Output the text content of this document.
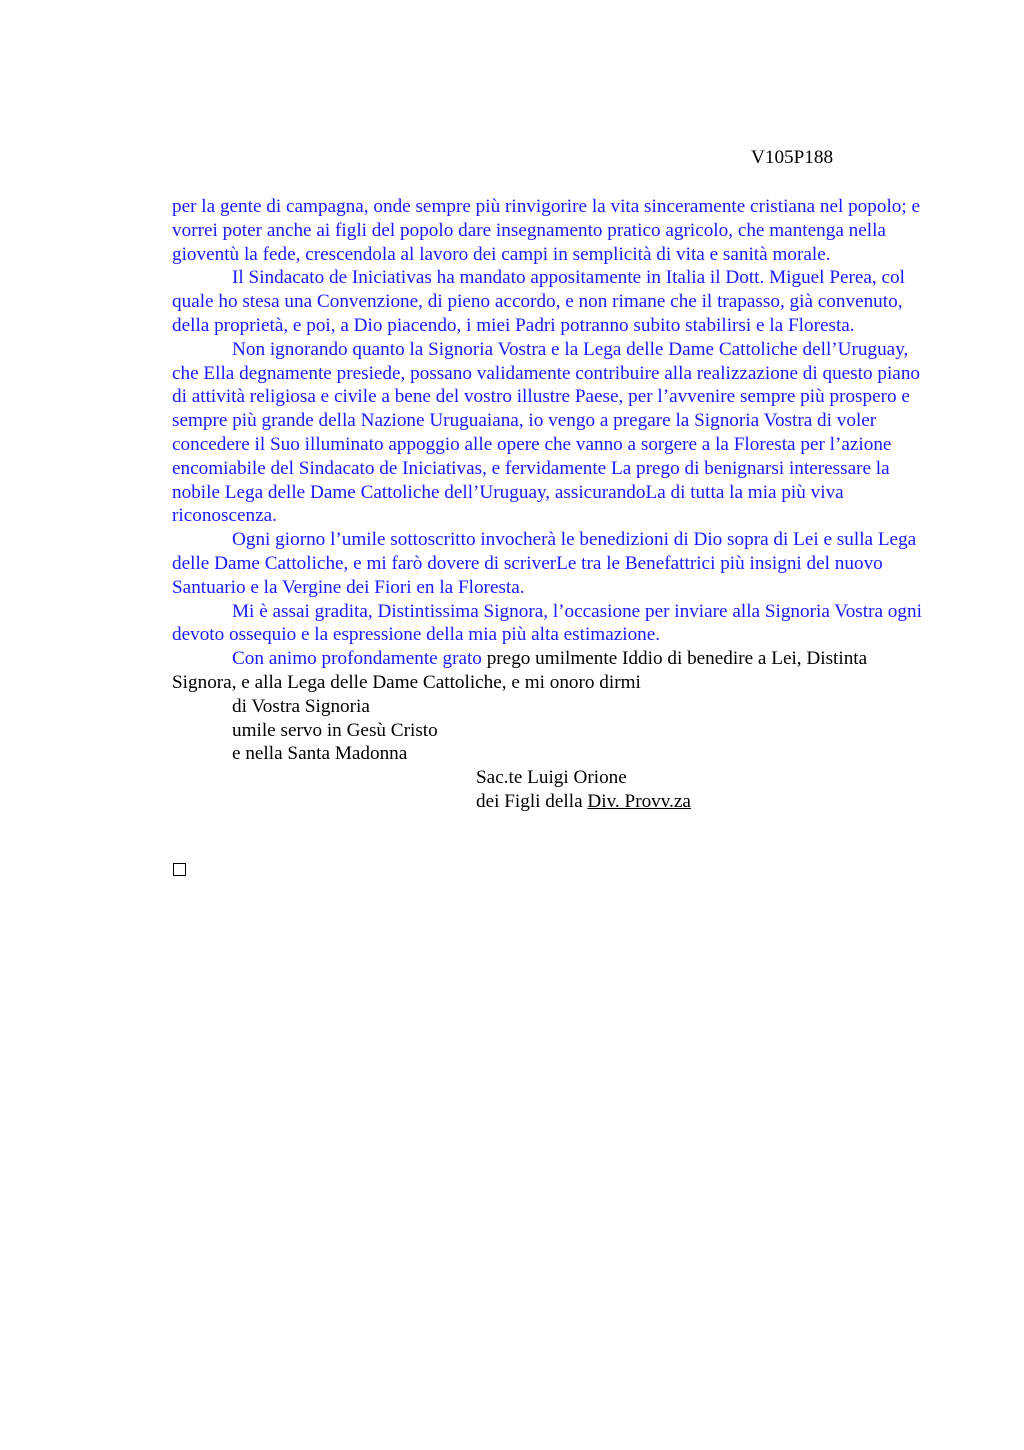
V105P188

per la gente di campagna, onde sempre più rinvigorire la vita sinceramente cristiana nel popolo; e vorrei poter anche ai figli del popolo dare insegnamento pratico agricolo, che mantenga nella gioventù la fede, crescendola al lavoro dei campi in semplicità di vita e sanità morale.

Il Sindacato de Iniciativas ha mandato appositamente in Italia il Dott. Miguel Perea, col quale ho stesa una Convenzione, di pieno accordo, e non rimane che il trapasso, già convenuto, della proprietà, e poi, a Dio piacendo, i miei Padri potranno subito stabilirsi e la Floresta.

Non ignorando quanto la Signoria Vostra e la Lega delle Dame Cattoliche dell’Uruguay, che Ella degnamente presiede, possano validamente contribuire alla realizzazione di questo piano di attività religiosa e civile a bene del vostro illustre Paese, per l’avvenire sempre più prospero e sempre più grande della Nazione Uruguaiana, io vengo a pregare la Signoria Vostra di voler concedere il Suo illuminato appoggio alle opere che vanno a sorgere a la Floresta per l’azione encomiabile del Sindacato de Iniciativas, e fervidamente La prego di benignarsi interessare la nobile Lega delle Dame Cattoliche dell’Uruguay, assicurandoLa di tutta la mia più viva riconoscenza.

Ogni giorno l’umile sottoscritto invocherà le benedizioni di Dio sopra di Lei e sulla Lega delle Dame Cattoliche, e mi farò dovere di scriverLe tra le Benefattrici più insigni del nuovo Santuario e la Vergine dei Fiori en la Floresta.

Mi è assai gradita, Distintissima Signora, l’occasione per inviare alla Signoria Vostra ogni devoto ossequio e la espressione della mia più alta estimazione.

Con animo profondamente grato prego umilmente Iddio di benedire a Lei, Distinta Signora, e alla Lega delle Dame Cattoliche, e mi onoro dirmi

di Vostra Signoria

umile servo in Gesù Cristo

e nella Santa Madonna

Sac.te Luigi Orione

dei Figli della Div. Provv.za
